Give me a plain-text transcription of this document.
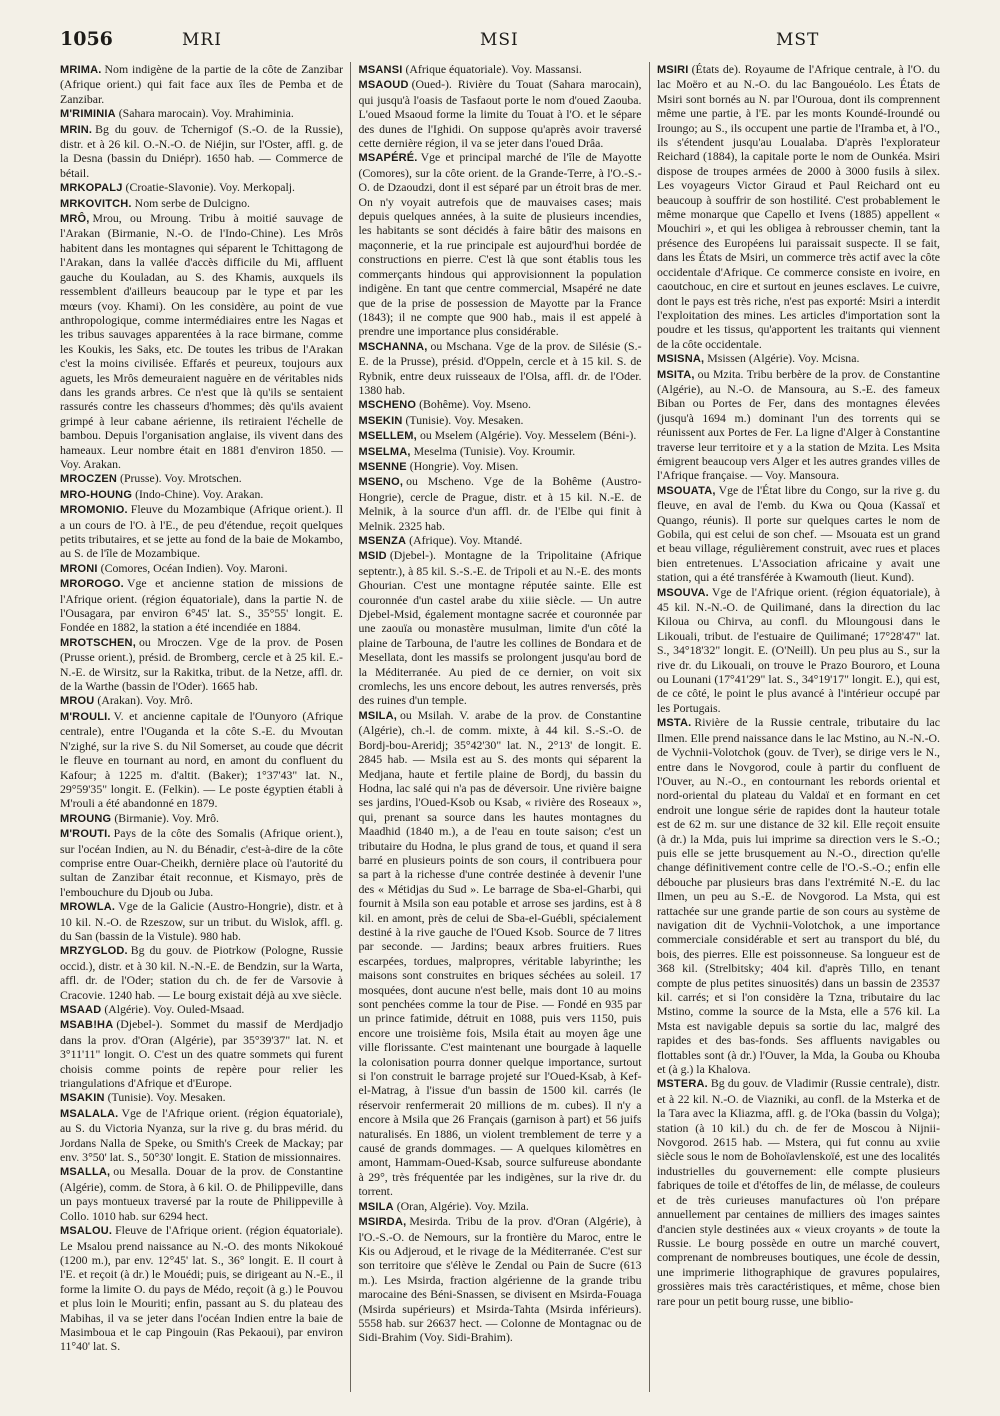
1056	MRI	MSI	MST
MRIMA. Nom indigène de la partie de la côte de Zanzibar (Afrique orient.) qui fait face aux îles de Pemba et de Zanzibar.
M'RIMINIA (Sahara marocain). Voy. Mrahiminia.
MRIN. Bg du gouv. de Tchernigof (S.-O. de la Russie), distr. et à 26 kil. O.-N.-O. de Niéjin, sur l'Oster, affl. g. de la Desna (bassin du Dniépr). 1650 hab. — Commerce de bétail.
MRKOPALJ (Croatie-Slavonie). Voy. Merkopalj.
MRKOVITCH. Nom serbe de Dulcigno.
MRÔ, Mrou, ou Mroung. Tribu à moitié sauvage de l'Arakan (Birmanie, N.-O. de l'Indo-Chine). Les Mrôs habitent dans les montagnes qui séparent le Tchittagong de l'Arakan, dans la vallée d'accès difficile du Mi, affluent gauche du Kouladan, au S. des Khamis, auxquels ils ressemblent d'ailleurs beaucoup par le type et par les mœurs (voy. Khami). On les considère, au point de vue anthropologique, comme intermédiaires entre les Nagas et les tribus sauvages apparentées à la race birmane, comme les Koukis, les Saks, etc. De toutes les tribus de l'Arakan c'est la moins civilisée. Effarés et peureux, toujours aux aguets, les Mrôs demeuraient naguère en de véritables nids dans les grands arbres. Ce n'est que là qu'ils se sentaient rassurés contre les chasseurs d'hommes; dès qu'ils avaient grimpé à leur cabane aérienne, ils retiraient l'échelle de bambou. Depuis l'organisation anglaise, ils vivent dans des hameaux. Leur nombre était en 1881 d'environ 1850. — Voy. Arakan.
MROCZEN (Prusse). Voy. Mrotschen.
MRO-HOUNG (Indo-Chine). Voy. Arakan.
MROMONIO. Fleuve du Mozambique (Afrique orient.). Il a un cours de l'O. à l'E., de peu d'étendue, reçoit quelques petits tributaires, et se jette au fond de la baie de Mokambo, au S. de l'île de Mozambique.
MRONI (Comores, Océan Indien). Voy. Maroni.
MROROGO. Vge et ancienne station de missions de l'Afrique orient. (région équatoriale), dans la partie N. de l'Ousagara, par environ 6°45' lat. S., 35°55' longit. E. Fondée en 1882, la station a été incendiée en 1884.
MROTSCHEN, ou Mroczen. Vge de la prov. de Posen (Prusse orient.), présid. de Bromberg, cercle et à 25 kil. E.-N.-E. de Wirsitz, sur la Rakitka, tribut. de la Netze, affl. dr. de la Warthe (bassin de l'Oder). 1665 hab.
MROU (Arakan). Voy. Mrô.
M'ROULI. V. et ancienne capitale de l'Ounyoro (Afrique centrale), entre l'Ouganda et la côte S.-E. du Mvoutan N'zighé, sur la rive S. du Nil Somerset, au coude que décrit le fleuve en tournant au nord, en amont du confluent du Kafour; à 1225 m. d'altit. (Baker); 1°37'43" lat. N., 29°59'35" longit. E. (Felkin). — Le poste égyptien établi à M'rouli a été abandonné en 1879.
MROUNG (Birmanie). Voy. Mrô.
M'ROUTI. Pays de la côte des Somalis (Afrique orient.), sur l'océan Indien, au N. du Bénadir, c'est-à-dire de la côte comprise entre Ouar-Cheikh, dernière place où l'autorité du sultan de Zanzibar était reconnue, et Kismayo, près de l'embouchure du Djoub ou Juba.
MROWLA. Vge de la Galicie (Austro-Hongrie), distr. et à 10 kil. N.-O. de Rzeszow, sur un tribut. du Wislok, affl. g. du San (bassin de la Vistule). 980 hab.
MRZYGLOD. Bg du gouv. de Piotrkow (Pologne, Russie occid.), distr. et à 30 kil. N.-N.-E. de Bendzin, sur la Warta, affl. dr. de l'Oder; station du ch. de fer de Varsovie à Cracovie. 1240 hab. — Le bourg existait déjà au xve siècle.
MSAAD (Algérie). Voy. Ouled-Msaad.
MSAB!HA (Djebel-). Sommet du massif de Merdjadjo dans la prov. d'Oran (Algérie), par 35°39'37" lat. N. et 3°11'11" longit. O. C'est un des quatre sommets qui furent choisis comme points de repère pour relier les triangulations d'Afrique et d'Europe.
MSAKIN (Tunisie). Voy. Mesaken.
MSALALA. Vge de l'Afrique orient. (région équatoriale), au S. du Victoria Nyanza, sur la rive g. du bras mérid. du Jordans Nalla de Speke, ou Smith's Creek de Mackay; par env. 3°50' lat. S., 50°30' longit. E. Station de missionnaires.
MSALLA, ou Mesalla. Douar de la prov. de Constantine (Algérie), comm. de Stora, à 6 kil. O. de Philippeville, dans un pays montueux traversé par la route de Philippeville à Collo. 1010 hab. sur 6294 hect.
MSALOU. Fleuve de l'Afrique orient. (région équatoriale). Le Msalou prend naissance au N.-O. des monts Nikokoué (1200 m.), par env. 12°45' lat. S., 36° longit. E. Il court à l'E. et reçoit (à dr.) le Mouédi; puis, se dirigeant au N.-E., il forme la limite O. du pays de Médo, reçoit (à g.) le Pouvou et plus loin le Mouriti; enfin, passant au S. du plateau des Mabihas, il va se jeter dans l'océan Indien entre la baie de Masimboua et le cap Pingouin (Ras Pekaoui), par environ 11°40' lat. S.
MSANSI (Afrique équatoriale). Voy. Massansi.
MSAOUD (Oued-). Rivière du Touat (Sahara marocain), qui jusqu'à l'oasis de Tasfaout porte le nom d'oued Zaouba. L'oued Msaoud forme la limite du Touat à l'O. et le sépare des dunes de l'Ighidi. On suppose qu'après avoir traversé cette dernière région, il va se jeter dans l'oued Drâa.
MSAPÉRÉ. Vge et principal marché de l'île de Mayotte (Comores), sur la côte orient. de la Grande-Terre, à l'O.-S.-O. de Dzaoudzi, dont il est séparé par un étroit bras de mer. On n'y voyait autrefois que de mauvaises cases; mais depuis quelques années, à la suite de plusieurs incendies, les habitants se sont décidés à faire bâtir des maisons en maçonnerie, et la rue principale est aujourd'hui bordée de constructions en pierre. C'est là que sont établis tous les commerçants hindous qui approvisionnent la population indigène. En tant que centre commercial, Msapéré ne date que de la prise de possession de Mayotte par la France (1843); il ne compte que 900 hab., mais il est appelé à prendre une importance plus considérable.
MSCHANNA, ou Mschana. Vge de la prov. de Silésie (S.-E. de la Prusse), présid. d'Oppeln, cercle et à 15 kil. S. de Rybnik, entre deux ruisseaux de l'Olsa, affl. dr. de l'Oder. 1380 hab.
MSCHENO (Bohême). Voy. Mseno.
MSEKIN (Tunisie). Voy. Mesaken.
MSELLEM, ou Mselem (Algérie). Voy. Messelem (Béni-).
MSELMA, Meselma (Tunisie). Voy. Kroumir.
MSENNE (Hongrie). Voy. Misen.
MSENO, ou Mscheno. Vge de la Bohême (Austro-Hongrie), cercle de Prague, distr. et à 15 kil. N.-E. de Melnik, à la source d'un affl. dr. de l'Elbe qui finit à Melnik. 2325 hab.
MSENZA (Afrique). Voy. Mtandé.
MSID (Djebel-). Montagne de la Tripolitaine (Afrique septentr.), à 85 kil. S.-S.-E. de Tripoli et au N.-E. des monts Ghourian. C'est une montagne réputée sainte. Elle est couronnée d'un castel arabe du xiiie siècle. — Un autre Djebel-Msid, également montagne sacrée et couronnée par une zaouïa ou monastère musulman, limite d'un côté la plaine de Tarbouna, de l'autre les collines de Bondara et de Mesellata, dont les massifs se prolongent jusqu'au bord de la Méditerranée. Au pied de ce dernier, on voit six cromlechs, les uns encore debout, les autres renversés, près des ruines d'un temple.
MSILA, ou Msilah. V. arabe de la prov. de Constantine (Algérie), ch.-l. de comm. mixte, à 44 kil. S.-S.-O. de Bordj-bou-Areridj; 35°42'30" lat. N., 2°13' de longit. E. 2845 hab. — Msila est au S. des monts qui séparent la Medjana, haute et fertile plaine de Bordj, du bassin du Hodna, lac salé qui n'a pas de déversoir. Une rivière baigne ses jardins, l'Oued-Ksob ou Ksab, « rivière des Roseaux », qui, prenant sa source dans les hautes montagnes du Maadhid (1840 m.), a de l'eau en toute saison; c'est un tributaire du Hodna, le plus grand de tous, et quand il sera barré en plusieurs points de son cours, il contribuera pour sa part à la richesse d'une contrée destinée à devenir l'une des « Métidjas du Sud ». Le barrage de Sba-el-Gharbi, qui fournit à Msila son eau potable et arrose ses jardins, est à 8 kil. en amont, près de celui de Sba-el-Guébli, spécialement destiné à la rive gauche de l'Oued Ksob. Source de 7 litres par seconde. — Jardins; beaux arbres fruitiers. Rues escarpées, tordues, malpropres, véritable labyrinthe; les maisons sont construites en briques séchées au soleil. 17 mosquées, dont aucune n'est belle, mais dont 10 au moins sont penchées comme la tour de Pise. — Fondé en 935 par un prince fatimide, détruit en 1088, puis vers 1150, puis encore une troisième fois, Msila était au moyen âge une ville florissante. C'est maintenant une bourgade à laquelle la colonisation pourra donner quelque importance, surtout si l'on construit le barrage projeté sur l'Oued-Ksab, à Kef-el-Matrag, à l'issue d'un bassin de 1500 kil. carrés (le réservoir renfermerait 20 millions de m. cubes). Il n'y a encore à Msila que 26 Français (garnison à part) et 56 juifs naturalisés. En 1886, un violent tremblement de terre y a causé de grands dommages. — A quelques kilomètres en amont, Hammam-Oued-Ksab, source sulfureuse abondante à 29°, très fréquentée par les indigènes, sur la rive dr. du torrent.
MSILA (Oran, Algérie). Voy. Mzila.
MSIRDA, Mesirda. Tribu de la prov. d'Oran (Algérie), à l'O.-S.-O. de Nemours, sur la frontière du Maroc, entre le Kis ou Adjeroud, et le rivage de la Méditerranée. C'est sur son territoire que s'élève le Zendal ou Pain de Sucre (613 m.). Les Msirda, fraction algérienne de la grande tribu marocaine des Béni-Snassen, se divisent en Msirda-Fouaga (Msirda supérieurs) et Msirda-Tahta (Msirda inférieurs). 5558 hab. sur 26637 hect. — Colonne de Montagnac ou de Sidi-Brahim (Voy. Sidi-Brahim).
MSIRI (États de). Royaume de l'Afrique centrale, à l'O. du lac Moëro et au N.-O. du lac Bangouéolo. Les États de Msiri sont bornés au N. par l'Ouroua, dont ils comprennent même une partie, à l'E. par les monts Koundé-Iroundé ou Iroungo; au S., ils occupent une partie de l'Iramba et, à l'O., ils s'étendent jusqu'au Loualaba. D'après l'explorateur Reichard (1884), la capitale porte le nom de Ounkéa. Msiri dispose de troupes armées de 2000 à 3000 fusils à silex. Les voyageurs Victor Giraud et Paul Reichard ont eu beaucoup à souffrir de son hostilité. C'est probablement le même monarque que Capello et Ivens (1885) appellent « Mouchiri », et qui les obligea à rebrousser chemin, tant la présence des Européens lui paraissait suspecte. Il se fait, dans les États de Msiri, un commerce très actif avec la côte occidentale d'Afrique. Ce commerce consiste en ivoire, en caoutchouc, en cire et surtout en jeunes esclaves. Le cuivre, dont le pays est très riche, n'est pas exporté: Msiri a interdit l'exploitation des mines. Les articles d'importation sont la poudre et les tissus, qu'apportent les traitants qui viennent de la côte occidentale.
MSISNA, Msissen (Algérie). Voy. Mcisna.
MSITA, ou Mzita. Tribu berbère de la prov. de Constantine (Algérie), au N.-O. de Mansoura, au S.-E. des fameux Biban ou Portes de Fer, dans des montagnes élevées (jusqu'à 1694 m.) dominant l'un des torrents qui se réunissent aux Portes de Fer. La ligne d'Alger à Constantine traverse leur territoire et y a la station de Mzita. Les Msita émigrent beaucoup vers Alger et les autres grandes villes de l'Afrique française. — Voy. Mansoura.
MSOUATA, Vge de l'État libre du Congo, sur la rive g. du fleuve, en aval de l'emb. du Kwa ou Qoua (Kassaï et Quango, réunis). Il porte sur quelques cartes le nom de Gobila, qui est celui de son chef. — Msouata est un grand et beau village, régulièrement construit, avec rues et places bien entretenues. L'Association africaine y avait une station, qui a été transférée à Kwamouth (lieut. Kund).
MSOUVA. Vge de l'Afrique orient. (région équatoriale), à 45 kil. N.-N.-O. de Quilimané, dans la direction du lac Kiloua ou Chirva, au confl. du Mloungousi dans le Likouali, tribut. de l'estuaire de Quilimané; 17°28'47" lat. S., 34°18'32" longit. E. (O'Neill). Un peu plus au S., sur la rive dr. du Likouali, on trouve le Prazo Bouroro, et Louna ou Lounani (17°41'29" lat. S., 34°19'17" longit. E.), qui est, de ce côté, le point le plus avancé à l'intérieur occupé par les Portugais.
MSTA. Rivière de la Russie centrale, tributaire du lac Ilmen. Elle prend naissance dans le lac Mstino, au N.-N.-O. de Vychnii-Volotchok (gouv. de Tver), se dirige vers le N., entre dans le Novgorod, coule à partir du confluent de l'Ouver, au N.-O., en contournant les rebords oriental et nord-oriental du plateau du Valdaï et en formant en cet endroit une longue série de rapides dont la hauteur totale est de 62 m. sur une distance de 32 kil. Elle reçoit ensuite (à dr.) la Mda, puis lui imprime sa direction vers le S.-O.; puis elle se jette brusquement au N.-O., direction qu'elle change définitivement contre celle de l'O.-S.-O.; enfin elle débouche par plusieurs bras dans l'extrémité N.-E. du lac Ilmen, un peu au S.-E. de Novgorod. La Msta, qui est rattachée sur une grande partie de son cours au système de navigation dit de Vychnii-Volotchok, a une importance commerciale considérable et sert au transport du blé, du bois, des pierres. Elle est poissonneuse. Sa longueur est de 368 kil. (Strelbitsky; 404 kil. d'après Tillo, en tenant compte de plus petites sinuosités) dans un bassin de 23537 kil. carrés; et si l'on considère la Tzna, tributaire du lac Mstino, comme la source de la Msta, elle a 576 kil. La Msta est navigable depuis sa sortie du lac, malgré des rapides et des bas-fonds. Ses affluents navigables ou flottables sont (à dr.) l'Ouver, la Mda, la Gouba ou Khouba et (à g.) la Khalova.
MSTERA. Bg du gouv. de Vladimir (Russie centrale), distr. et à 22 kil. N.-O. de Viazniki, au confl. de la Msterka et de la Tara avec la Kliazma, affl. g. de l'Oka (bassin du Volga); station (à 10 kil.) du ch. de fer de Moscou à Nijnii-Novgorod. 2615 hab. — Mstera, qui fut connu au xviie siècle sous le nom de Bohoïavlenskoïé, est une des localités industrielles du gouvernement: elle compte plusieurs fabriques de toile et d'étoffes de lin, de mélasse, de couleurs et de très curieuses manufactures où l'on prépare annuellement par centaines de milliers des images saintes d'ancien style destinées aux « vieux croyants » de toute la Russie. Le bourg possède en outre un marché couvert, comprenant de nombreuses boutiques, une école de dessin, une imprimerie lithographique de gravures populaires, grossières mais très caractéristiques, et même, chose bien rare pour un petit bourg russe, une biblio-
